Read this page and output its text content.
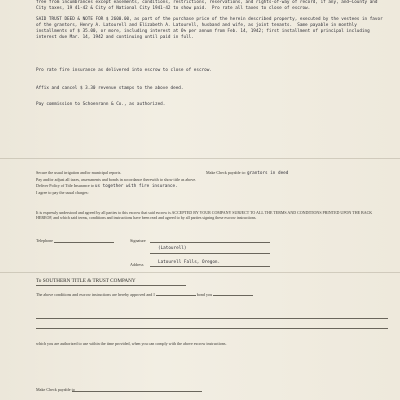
free from incumbrances except easements, conditions, restrictions, reservations, and rights-of-way of record, if any, and—County and City taxes, 19 41-42 & City of National City 1941-42 to show paid.  Pro rate all taxes to close of escrow.
SAID TRUST DEED & NOTE FOR $ 2600.00, as part of the purchase price of the herein described property, executed by the vestees in favor of the grantors, Henry A. Latourell and Elizabeth A. Latourell, husband and wife, as joint tenants.  Same payable in monthly installments of $ 35.00, or more, including interest at 6% per annum from Feb. 14, 1942; first installment of principal including interest due Mar. 14, 1942 and continuing until paid in full.
Pro rate fire insurance as delivered into escrow to close of escrow.
Affix and cancel $ 3.30 revenue stamps to the above deed.
Pay commission to Schoenrann & Co., as authorized.
Secure the usual irrigation and/or municipal reports.	Make Check payable to: grantors in deed
Pay and/or adjust all taxes, assessments and bonds in accordance therewith to show title as above.
Deliver Policy of Title Insurance to us together with fire insurance.
I agree to pay the usual charges:
It is expressly understood and agreed by all parties to this escrow that said escrow is ACCEPTED BY YOUR COMPANY SUBJECT TO ALL THE TERMS AND CONDITIONS PRINTED UPON THE BACK HEREOF, and which said terms, conditions and instructions have been read and agreed to by all parties signing these escrow instructions.
Telephone	Signature
(Latourell)
Address	Latourell Falls, Oregon.
To SOUTHERN TITLE & TRUST COMPANY
The above conditions and escrow instructions are hereby approved and I	bond you
which you are authorized to use within the time provided, when you can comply with the above escrow instructions.
Make Check payable to
